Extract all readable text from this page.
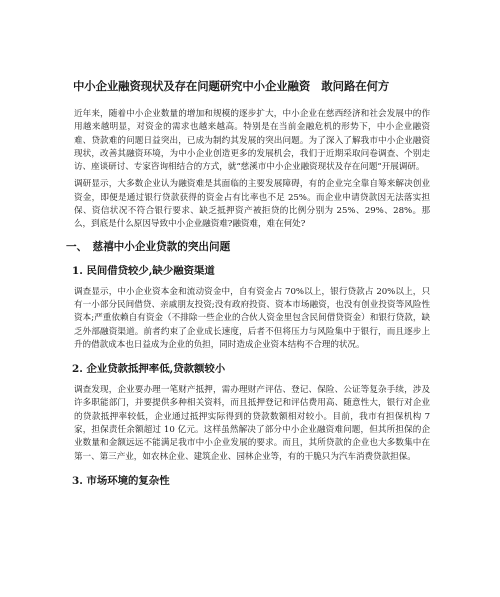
中小企业融资现状及存在问题研究中小企业融资　敢问路在何方
近年来，随着中小企业数量的增加和规模的逐步扩大，中小企业在慈西经济和社会发展中的作用越来越明显，对资金的需求也越来越高。特别是在当前金融危机的形势下，中小企业融资难、贷款难的问题日益突出，已成为制约其发展的突出问题。为了深入了解我市中小企业融资现状，改善其融资环境，为中小企业创造更多的发展机会，我们于近期采取问卷调查、个别走访、座谈研讨、专家咨询相结合的方式，就“慈溪市中小企业融资现状及存在问题”开展调研。
调研显示，大多数企业认为融资难是其面临的主要发展障碍，有的企业完全靠自筹来解决创业资金，即便是通过银行贷款获得的资金占有比率也不足 25%。而企业申请贷款因无法落实担保、资信状况不符合银行要求、缺乏抵押资产被拒贷的比例分别为 25%、29%、28%。那么，到底是什么原因导致中小企业融资难?融资难，难在何处?
一、　慈禧中小企业贷款的突出问题
1. 民间借贷较少,缺少融资渠道
调查显示，中小企业资本金和流动资金中，自有资金占 70%以上，银行贷款占 20%以上，只有一小部分民间借贷、亲戚朋友投资;没有政府投资、资本市场融资，也没有创业投资等风险性资本;严重依赖自有资金（不排除一些企业的合伙人资金里包含民间借贷资金）和银行贷款，缺乏外部融资渠道。前者约束了企业成长速度，后者不但将压力与风险集中于银行，而且逐步上升的借款成本也日益成为企业的负担，同时造成企业资本结构不合理的状况。
2. 企业贷款抵押率低,贷款额较小
调查发现，企业要办理一笔财产抵押，需办理财产评估、登记、保险、公证等复杂手续，涉及许多职能部门，并要提供多种相关资料，而且抵押登记和评估费用高、随意性大，银行对企业的贷款抵押率较低，企业通过抵押实际得到的贷款数额相对较小。目前，我市有担保机构 7 家，担保责任余额超过 10 亿元。这样虽然解决了部分中小企业融资难问题，但其所担保的企业数量和金额远远不能满足我市中小企业发展的要求。而且，其所贷款的企业也大多数集中在第一、第三产业，如农林企业、建筑企业、园林企业等，有的干脆只为汽车消费贷款担保。
3. 市场环境的复杂性
